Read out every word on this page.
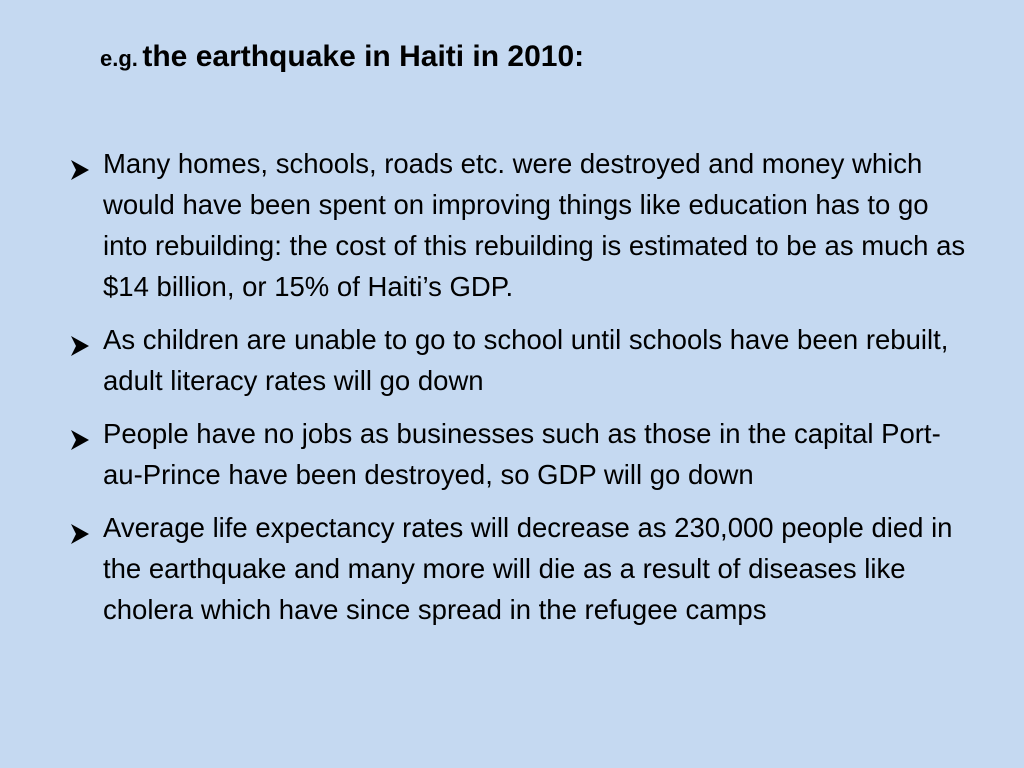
e.g. the earthquake in Haiti in 2010:
Many homes, schools, roads etc. were destroyed and money which would have been spent on improving things like education has to go into rebuilding: the cost of this rebuilding is estimated to be as much as $14 billion, or 15% of Haiti’s GDP.
As children are unable to go to school until schools have been rebuilt, adult literacy rates will go down
People have no jobs as businesses such as those in the capital Port-au-Prince have been destroyed, so GDP will go down
Average life expectancy rates will decrease as 230,000 people died in the earthquake and many more will die as a result of diseases like cholera which have since spread in the refugee camps
